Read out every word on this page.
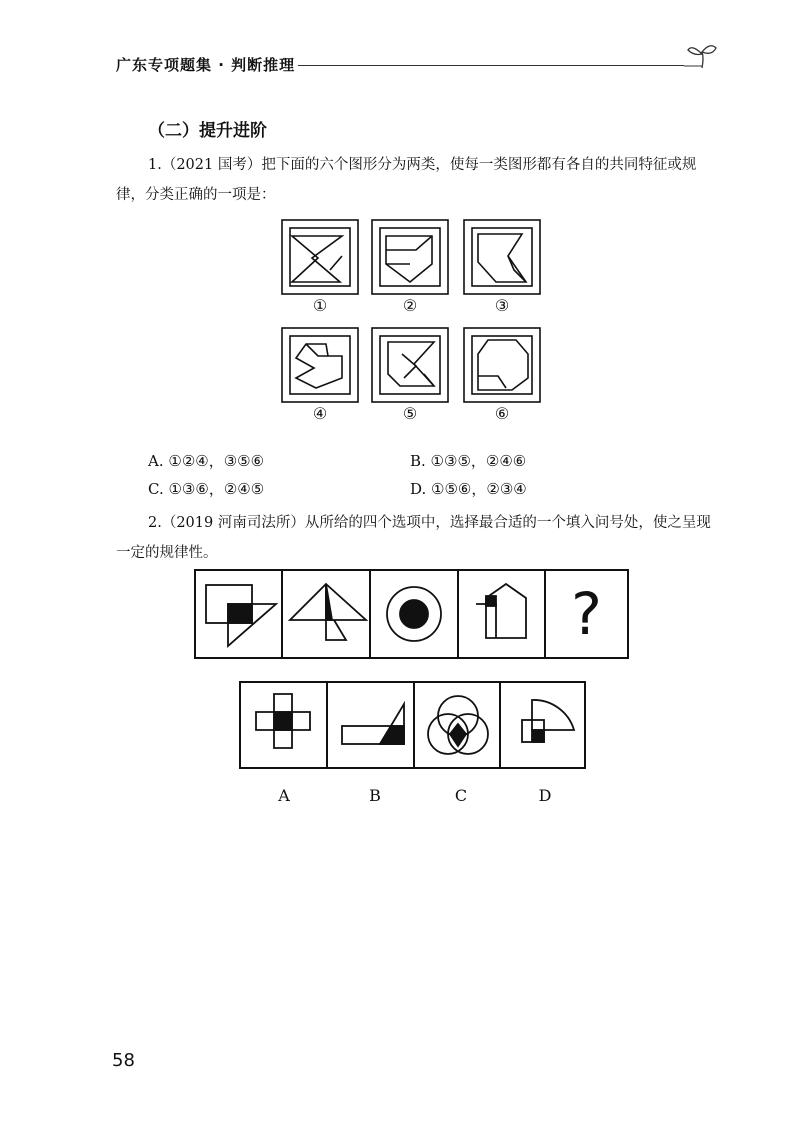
广东专项题集 · 判断推理
（二）提升进阶
1.（2021 国考）把下面的六个图形分为两类，使每一类图形都有各自的共同特征或规律，分类正确的一项是：
①	②	③
④	⑤	⑥
A. ①②④，③⑤⑥	B. ①③⑤，②④⑥
C. ①③⑥，②④⑤	D. ①⑤⑥，②③④
2.（2019 河南司法所）从所给的四个选项中，选择最合适的一个填入问号处，使之呈现一定的规律性。
?
A	B	C	D
58
